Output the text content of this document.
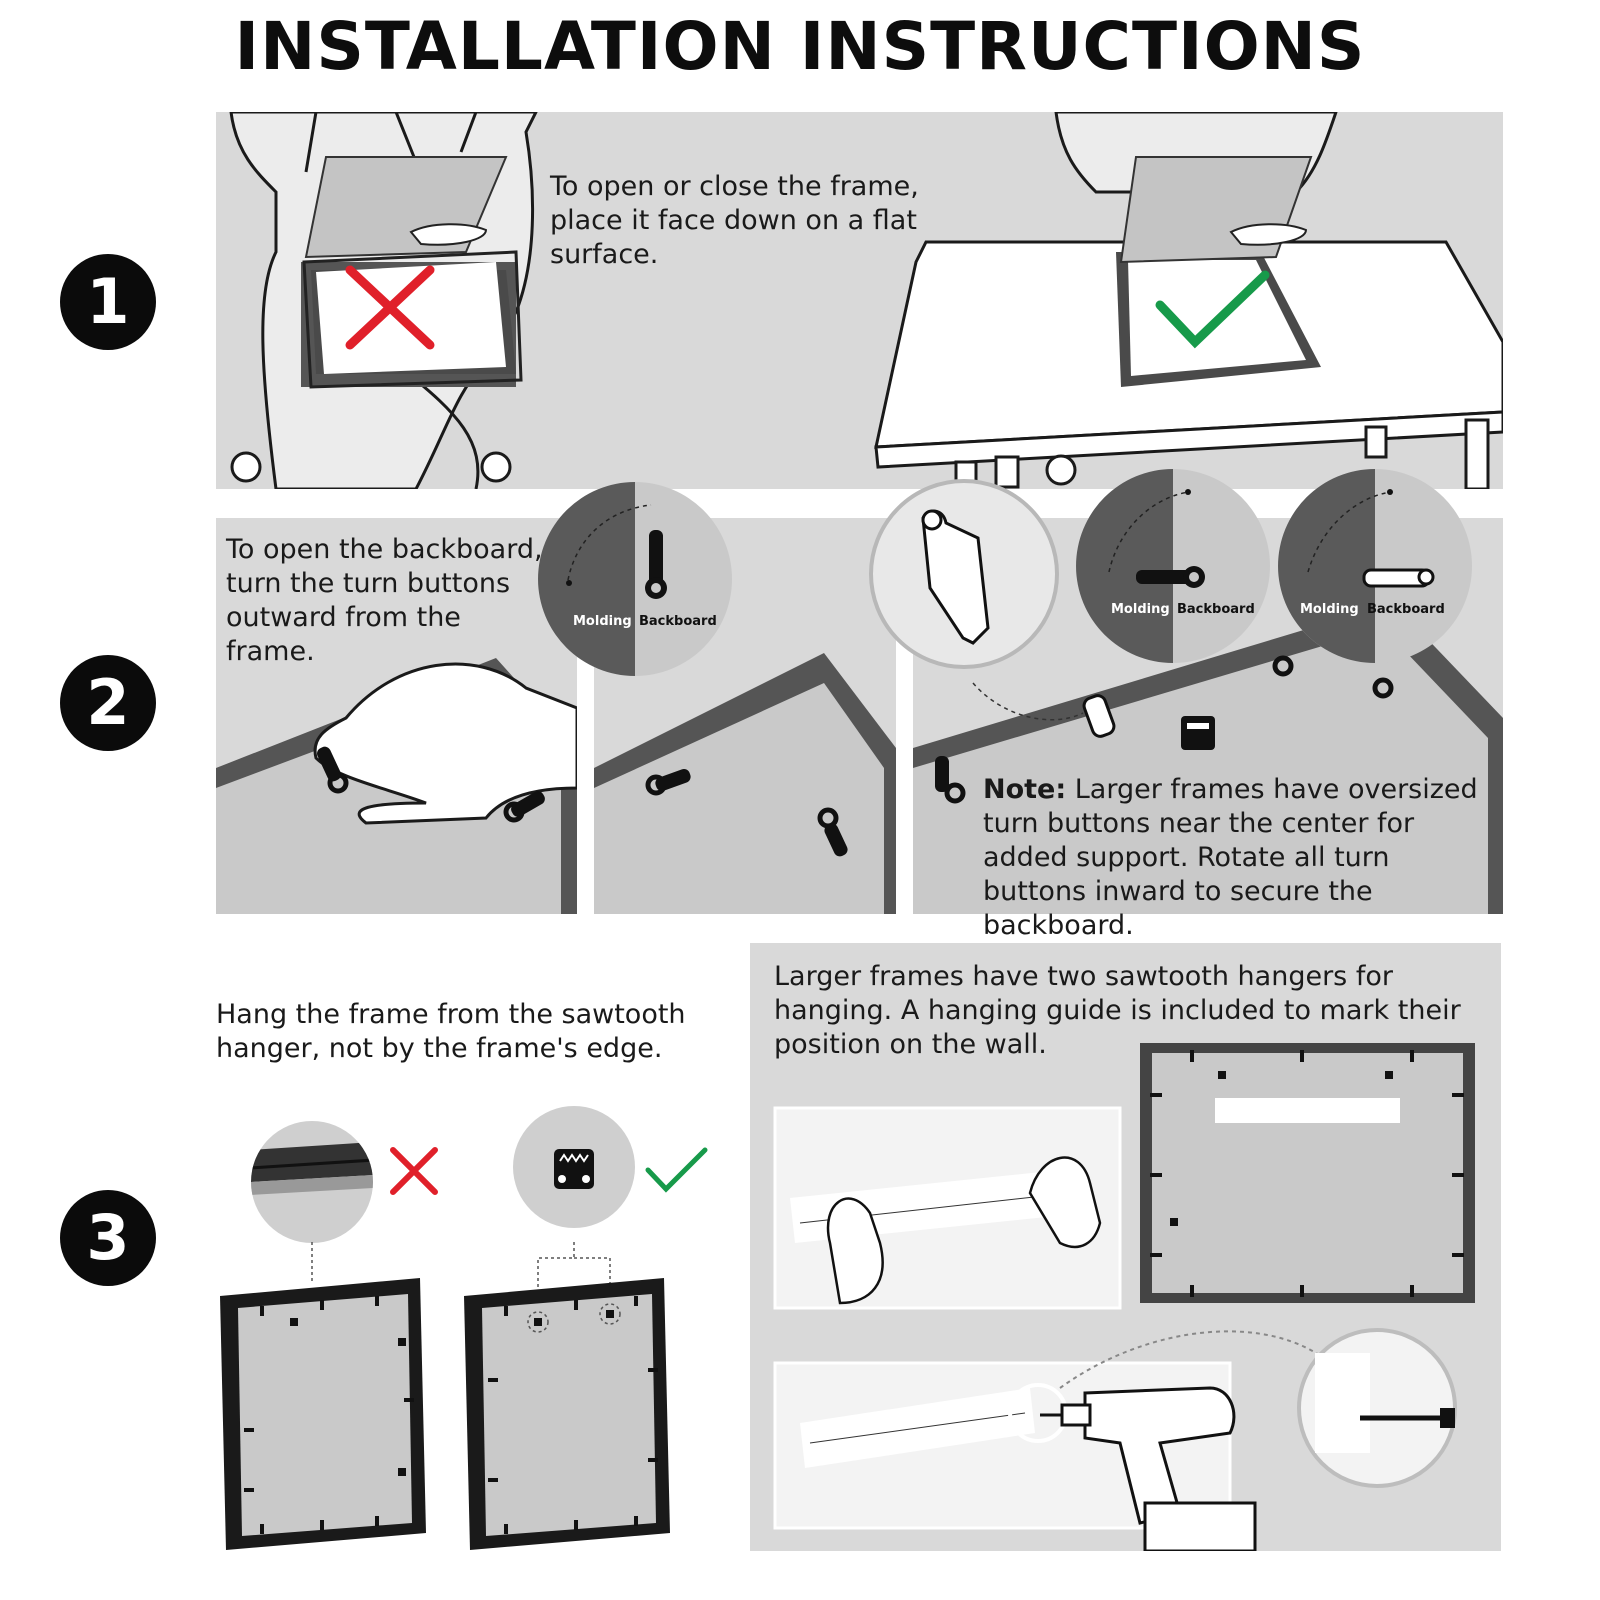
INSTALLATION INSTRUCTIONS
1
To open or close the frame, place it face down on a flat surface.
2
Molding Backboard
Molding Backboard	Molding Backboard
To open the backboard, turn the turn buttons outward from the frame.
Note: Larger frames have oversized turn buttons near the center for added support. Rotate all turn buttons inward to secure the backboard.
3
Hang the frame from the sawtooth hanger, not by the frame's edge.
Larger frames have two sawtooth hangers for hanging. A hanging guide is included to mark their position on the wall.
